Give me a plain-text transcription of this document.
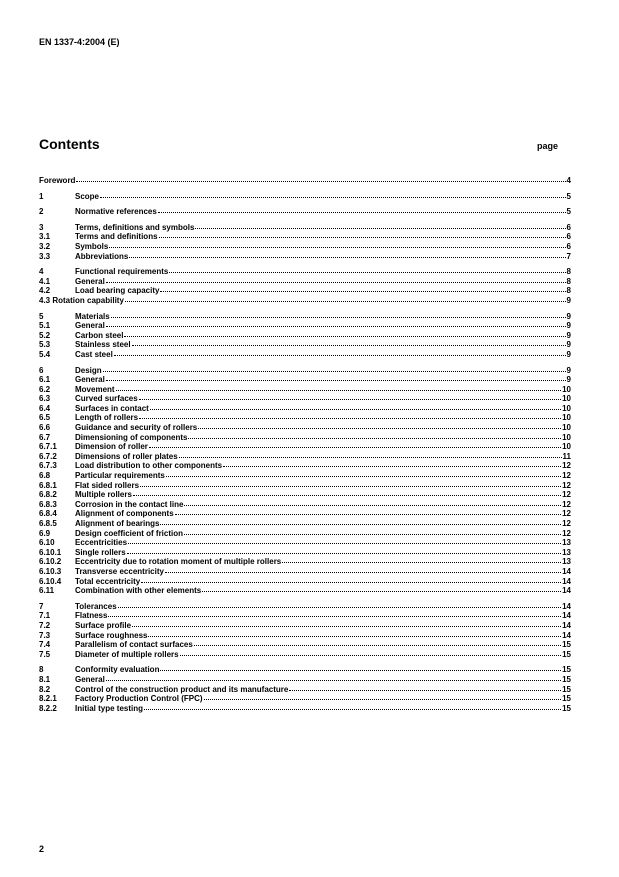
EN 1337-4:2004 (E)
Contents	page
Foreword	4
1	Scope	5
2	Normative references	5
3	Terms, definitions and symbols	6
3.1	Terms and definitions	6
3.2	Symbols	6
3.3	Abbreviations	7
4	Functional requirements	8
4.1	General	8
4.2	Load bearing capacity	8
4.3 Rotation capability	9
5	Materials	9
5.1	General	9
5.2	Carbon steel	9
5.3	Stainless steel	9
5.4	Cast steel	9
6	Design	9
6.1	General	9
6.2	Movement	10
6.3	Curved surfaces	10
6.4	Surfaces in contact	10
6.5	Length of rollers	10
6.6	Guidance and security of rollers	10
6.7	Dimensioning of components	10
6.7.1	Dimension of roller	10
6.7.2	Dimensions of roller plates	11
6.7.3	Load distribution to other components	12
6.8	Particular requirements	12
6.8.1	Flat sided rollers	12
6.8.2	Multiple rollers	12
6.8.3	Corrosion in the contact line	12
6.8.4	Alignment of components	12
6.8.5	Alignment of bearings	12
6.9	Design coefficient of friction	12
6.10	Eccentricities	13
6.10.1	Single rollers	13
6.10.2	Eccentricity due to rotation moment of multiple rollers	13
6.10.3	Transverse eccentricity	14
6.10.4	Total eccentricity	14
6.11	Combination with other elements	14
7	Tolerances	14
7.1	Flatness	14
7.2	Surface profile	14
7.3	Surface roughness	14
7.4	Parallelism of contact surfaces	15
7.5	Diameter of multiple rollers	15
8	Conformity evaluation	15
8.1	General	15
8.2	Control of the construction product and its manufacture	15
8.2.1	Factory Production Control (FPC)	15
8.2.2	Initial type testing	15
2
